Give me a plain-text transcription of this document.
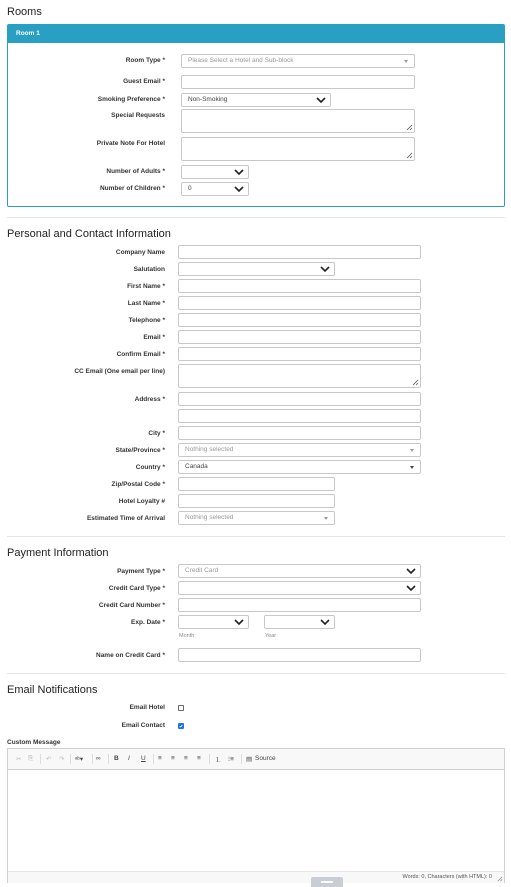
Rooms
Room 1
Room Type *	Please Select a Hotel and Sub-block
Guest Email *
Smoking Preference *	Non-Smoking
Special Requests
Private Note For Hotel
Number of Adults *
Number of Children *	0
Personal and Contact Information
Company Name
Salutation
First Name *
Last Name *
Telephone *
Email *
Confirm Email *
CC Email (One email per line)
Address *
City *
State/Province *	Nothing selected
Country *	Canada
Zip/Postal Code *
Hotel Loyalty #
Estimated Time of Arrival	Nothing selected
Payment Information
Payment Type *	Credit Card
Credit Card Type *
Credit Card Number *
Exp. Date *
Month	Year
Name on Credit Card *
Email Notifications
Email Hotel
Email Contact
Custom Message
✂ ⎘ ↶ ↷ ᵃᵇ▾ ∞ B I U ≡ ≡ ≡ ≡ ⒈ ⁝≡ ▤ Source
Words: 0, Characters (with HTML): 0
